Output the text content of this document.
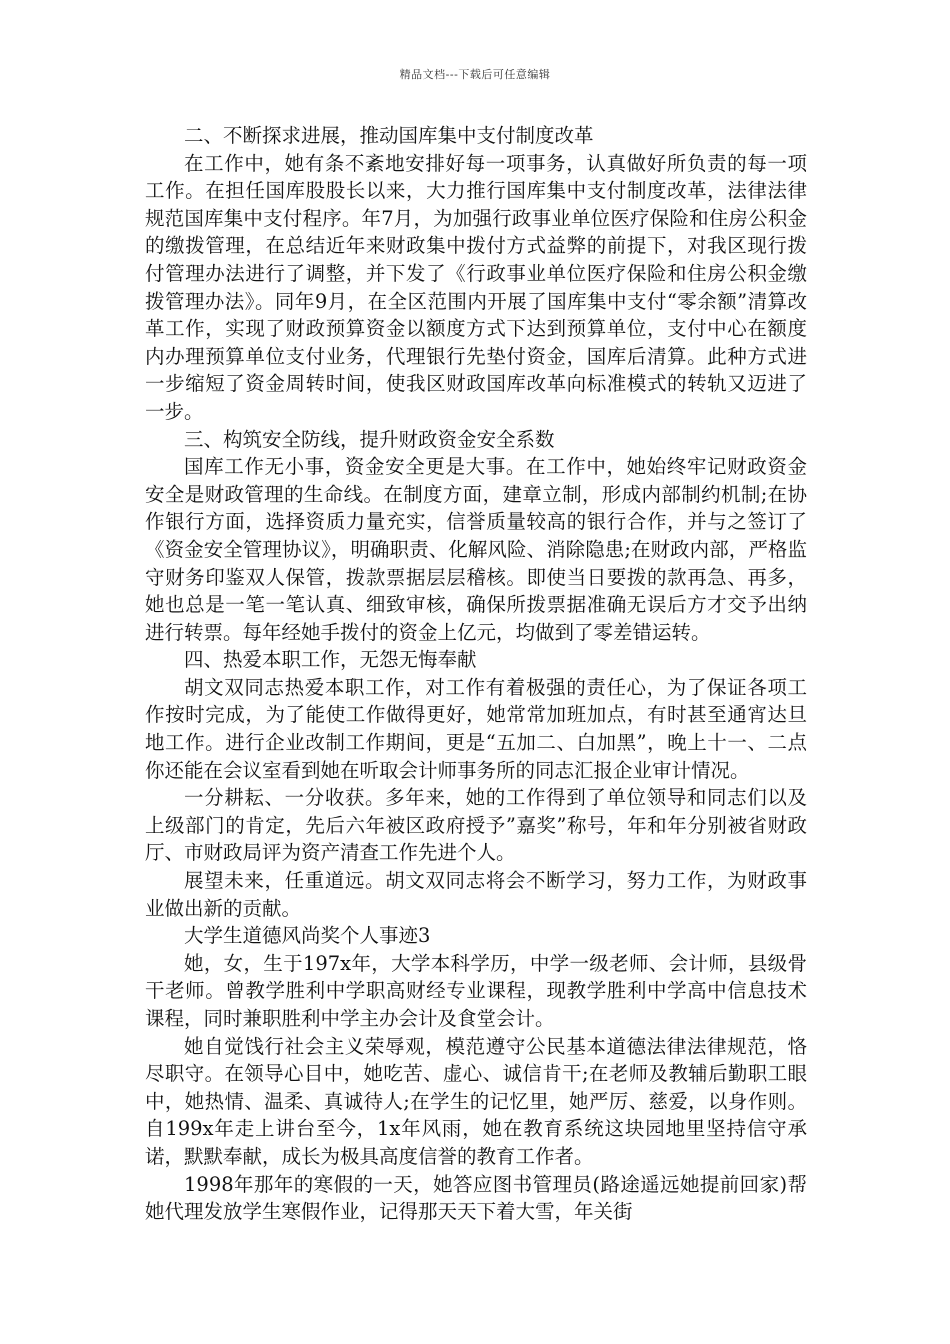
精品文档---下载后可任意编辑

二、不断探求进展，推动国库集中支付制度改革

在工作中，她有条不紊地安排好每一项事务，认真做好所负责的每一项工作。在担任国库股股长以来，大力推行国库集中支付制度改革，法律法律规范国库集中支付程序。年7月，为加强行政事业单位医疗保险和住房公积金的缴拨管理，在总结近年来财政集中拨付方式益弊的前提下，对我区现行拨付管理办法进行了调整，并下发了《行政事业单位医疗保险和住房公积金缴拨管理办法》。同年9月，在全区范围内开展了国库集中支付“零余额”清算改革工作，实现了财政预算资金以额度方式下达到预算单位，支付中心在额度内办理预算单位支付业务，代理银行先垫付资金，国库后清算。此种方式进一步缩短了资金周转时间，使我区财政国库改革向标准模式的转轨又迈进了一步。

三、构筑安全防线，提升财政资金安全系数

国库工作无小事，资金安全更是大事。在工作中，她始终牢记财政资金安全是财政管理的生命线。在制度方面，建章立制，形成内部制约机制;在协作银行方面，选择资质力量充实，信誉质量较高的银行合作，并与之签订了《资金安全管理协议》，明确职责、化解风险、消除隐患;在财政内部，严格监守财务印鉴双人保管，拨款票据层层稽核。即使当日要拨的款再急、再多，她也总是一笔一笔认真、细致审核，确保所拨票据准确无误后方才交予出纳进行转票。每年经她手拨付的资金上亿元，均做到了零差错运转。

四、热爱本职工作，无怨无悔奉献

胡文双同志热爱本职工作，对工作有着极强的责任心，为了保证各项工作按时完成，为了能使工作做得更好，她常常加班加点，有时甚至通宵达旦地工作。进行企业改制工作期间，更是“五加二、白加黑”，晚上十一、二点你还能在会议室看到她在听取会计师事务所的同志汇报企业审计情况。

一分耕耘、一分收获。多年来，她的工作得到了单位领导和同志们以及上级部门的肯定，先后六年被区政府授予”嘉奖”称号，年和年分别被省财政厅、市财政局评为资产清查工作先进个人。

展望未来，任重道远。胡文双同志将会不断学习，努力工作，为财政事业做出新的贡献。

大学生道德风尚奖个人事迹3

她，女，生于197x年，大学本科学历，中学一级老师、会计师，县级骨干老师。曾教学胜利中学职高财经专业课程，现教学胜利中学高中信息技术课程，同时兼职胜利中学主办会计及食堂会计。

她自觉饯行社会主义荣辱观，模范遵守公民基本道德法律法律规范，恪尽职守。在领导心目中，她吃苦、虚心、诚信肯干;在老师及教辅后勤职工眼中，她热情、温柔、真诚待人;在学生的记忆里，她严厉、慈爱，以身作则。自199x年走上讲台至今，1x年风雨，她在教育系统这块园地里坚持信守承诺，默默奉献，成长为极具高度信誉的教育工作者。

1998年那年的寒假的一天，她答应图书管理员(路途遥远她提前回家)帮她代理发放学生寒假作业，记得那天天下着大雪，年关街
